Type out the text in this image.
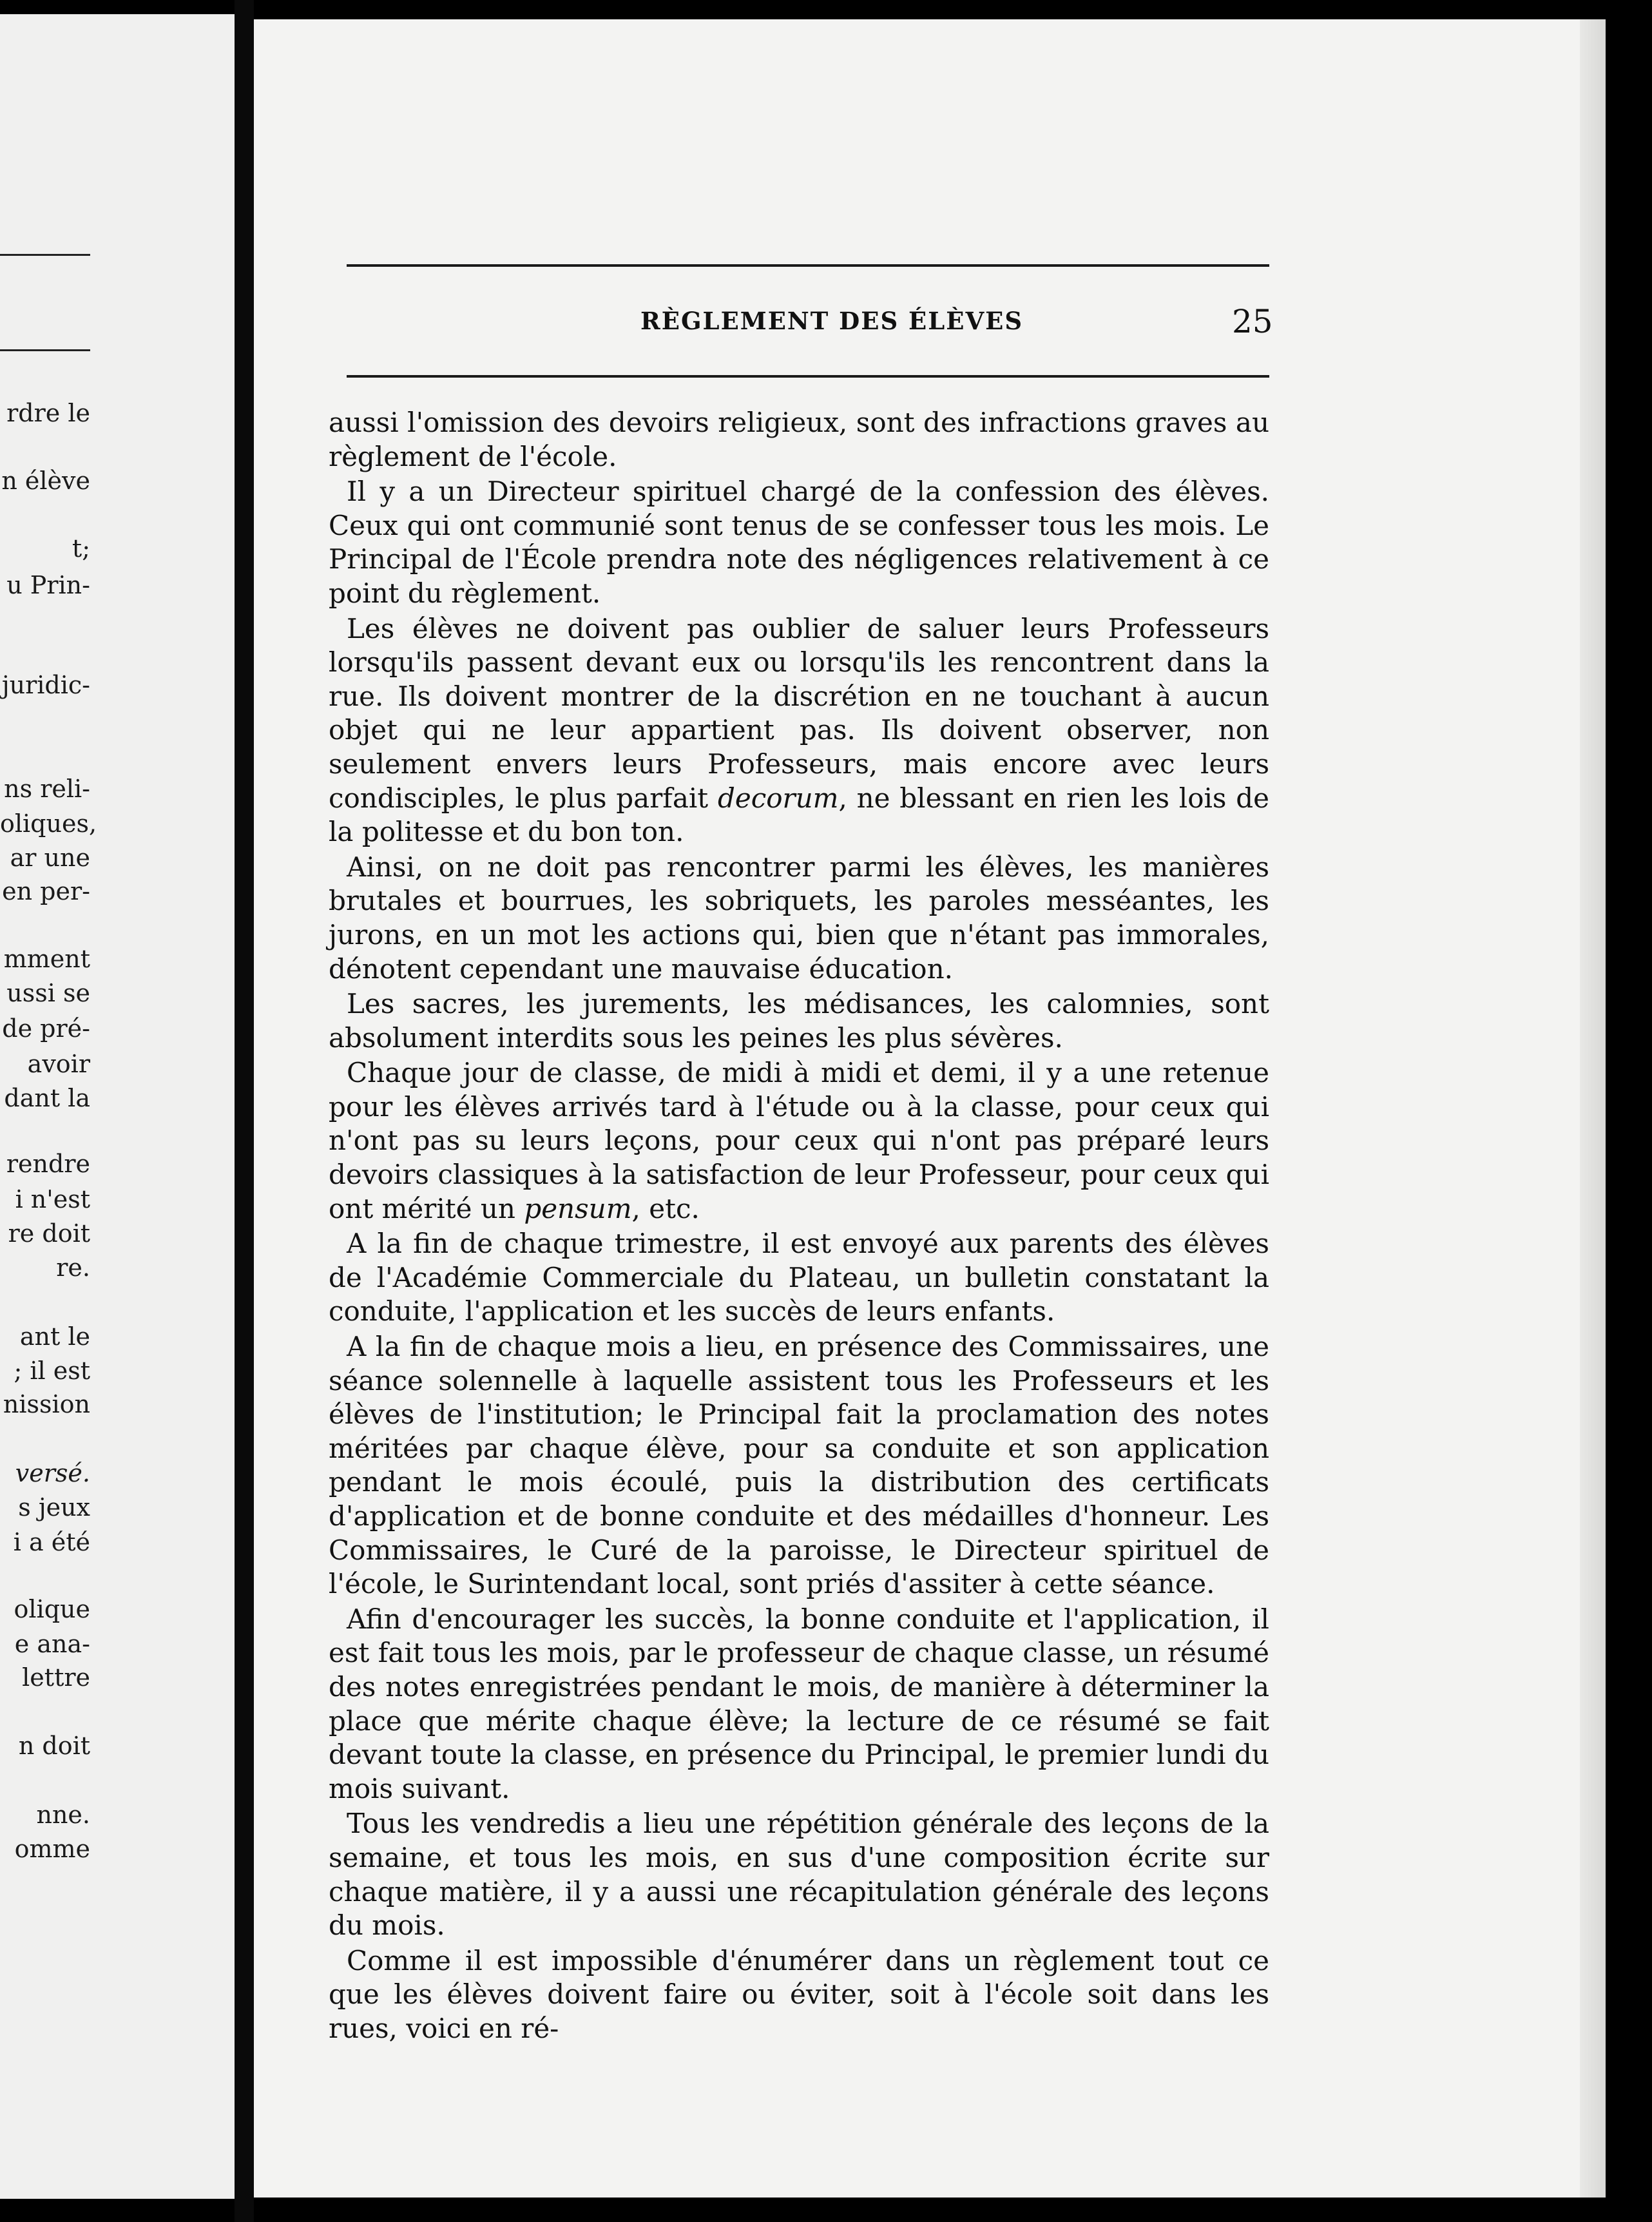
rdre le
n élève
t;
u Prin-
juridic-
ns reli-
oliques,
ar une
en per-
mment
ussi se
de pré-
avoir
dant la
rendre
i n'est
re doit
re.
ant le
; il est
nission
versé.
s jeux
i a été
olique
e ana-
lettre
n doit
nne.
omme
RÈGLEMENT DES ÉLÈVES	25

aussi l'omission des devoirs religieux, sont des infractions graves au règlement de l'école.

Il y a un Directeur spirituel chargé de la confession des élèves. Ceux qui ont communié sont tenus de se confesser tous les mois. Le Principal de l'École prendra note des négligences relativement à ce point du règlement.

Les élèves ne doivent pas oublier de saluer leurs Professeurs lorsqu'ils passent devant eux ou lorsqu'ils les rencontrent dans la rue. Ils doivent montrer de la discrétion en ne touchant à aucun objet qui ne leur appartient pas. Ils doivent observer, non seulement envers leurs Professeurs, mais encore avec leurs condisciples, le plus parfait decorum, ne blessant en rien les lois de la politesse et du bon ton.

Ainsi, on ne doit pas rencontrer parmi les élèves, les manières brutales et bourrues, les sobriquets, les paroles messéantes, les jurons, en un mot les actions qui, bien que n'étant pas immorales, dénotent cependant une mauvaise éducation.

Les sacres, les jurements, les médisances, les calomnies, sont absolument interdits sous les peines les plus sévères.

Chaque jour de classe, de midi à midi et demi, il y a une retenue pour les élèves arrivés tard à l'étude ou à la classe, pour ceux qui n'ont pas su leurs leçons, pour ceux qui n'ont pas préparé leurs devoirs classiques à la satisfaction de leur Professeur, pour ceux qui ont mérité un pensum, etc.

A la fin de chaque trimestre, il est envoyé aux parents des élèves de l'Académie Commerciale du Plateau, un bulletin constatant la conduite, l'application et les succès de leurs enfants.

A la fin de chaque mois a lieu, en présence des Commissaires, une séance solennelle à laquelle assistent tous les Professeurs et les élèves de l'institution; le Principal fait la proclamation des notes méritées par chaque élève, pour sa conduite et son application pendant le mois écoulé, puis la distribution des certificats d'application et de bonne conduite et des médailles d'honneur. Les Commissaires, le Curé de la paroisse, le Directeur spirituel de l'école, le Surintendant local, sont priés d'assiter à cette séance.

Afin d'encourager les succès, la bonne conduite et l'application, il est fait tous les mois, par le professeur de chaque classe, un résumé des notes enregistrées pendant le mois, de manière à déterminer la place que mérite chaque élève; la lecture de ce résumé se fait devant toute la classe, en présence du Principal, le premier lundi du mois suivant.

Tous les vendredis a lieu une répétition générale des leçons de la semaine, et tous les mois, en sus d'une composition écrite sur chaque matière, il y a aussi une récapitulation générale des leçons du mois.

Comme il est impossible d'énumérer dans un règlement tout ce que les élèves doivent faire ou éviter, soit à l'école soit dans les rues, voici en ré-
